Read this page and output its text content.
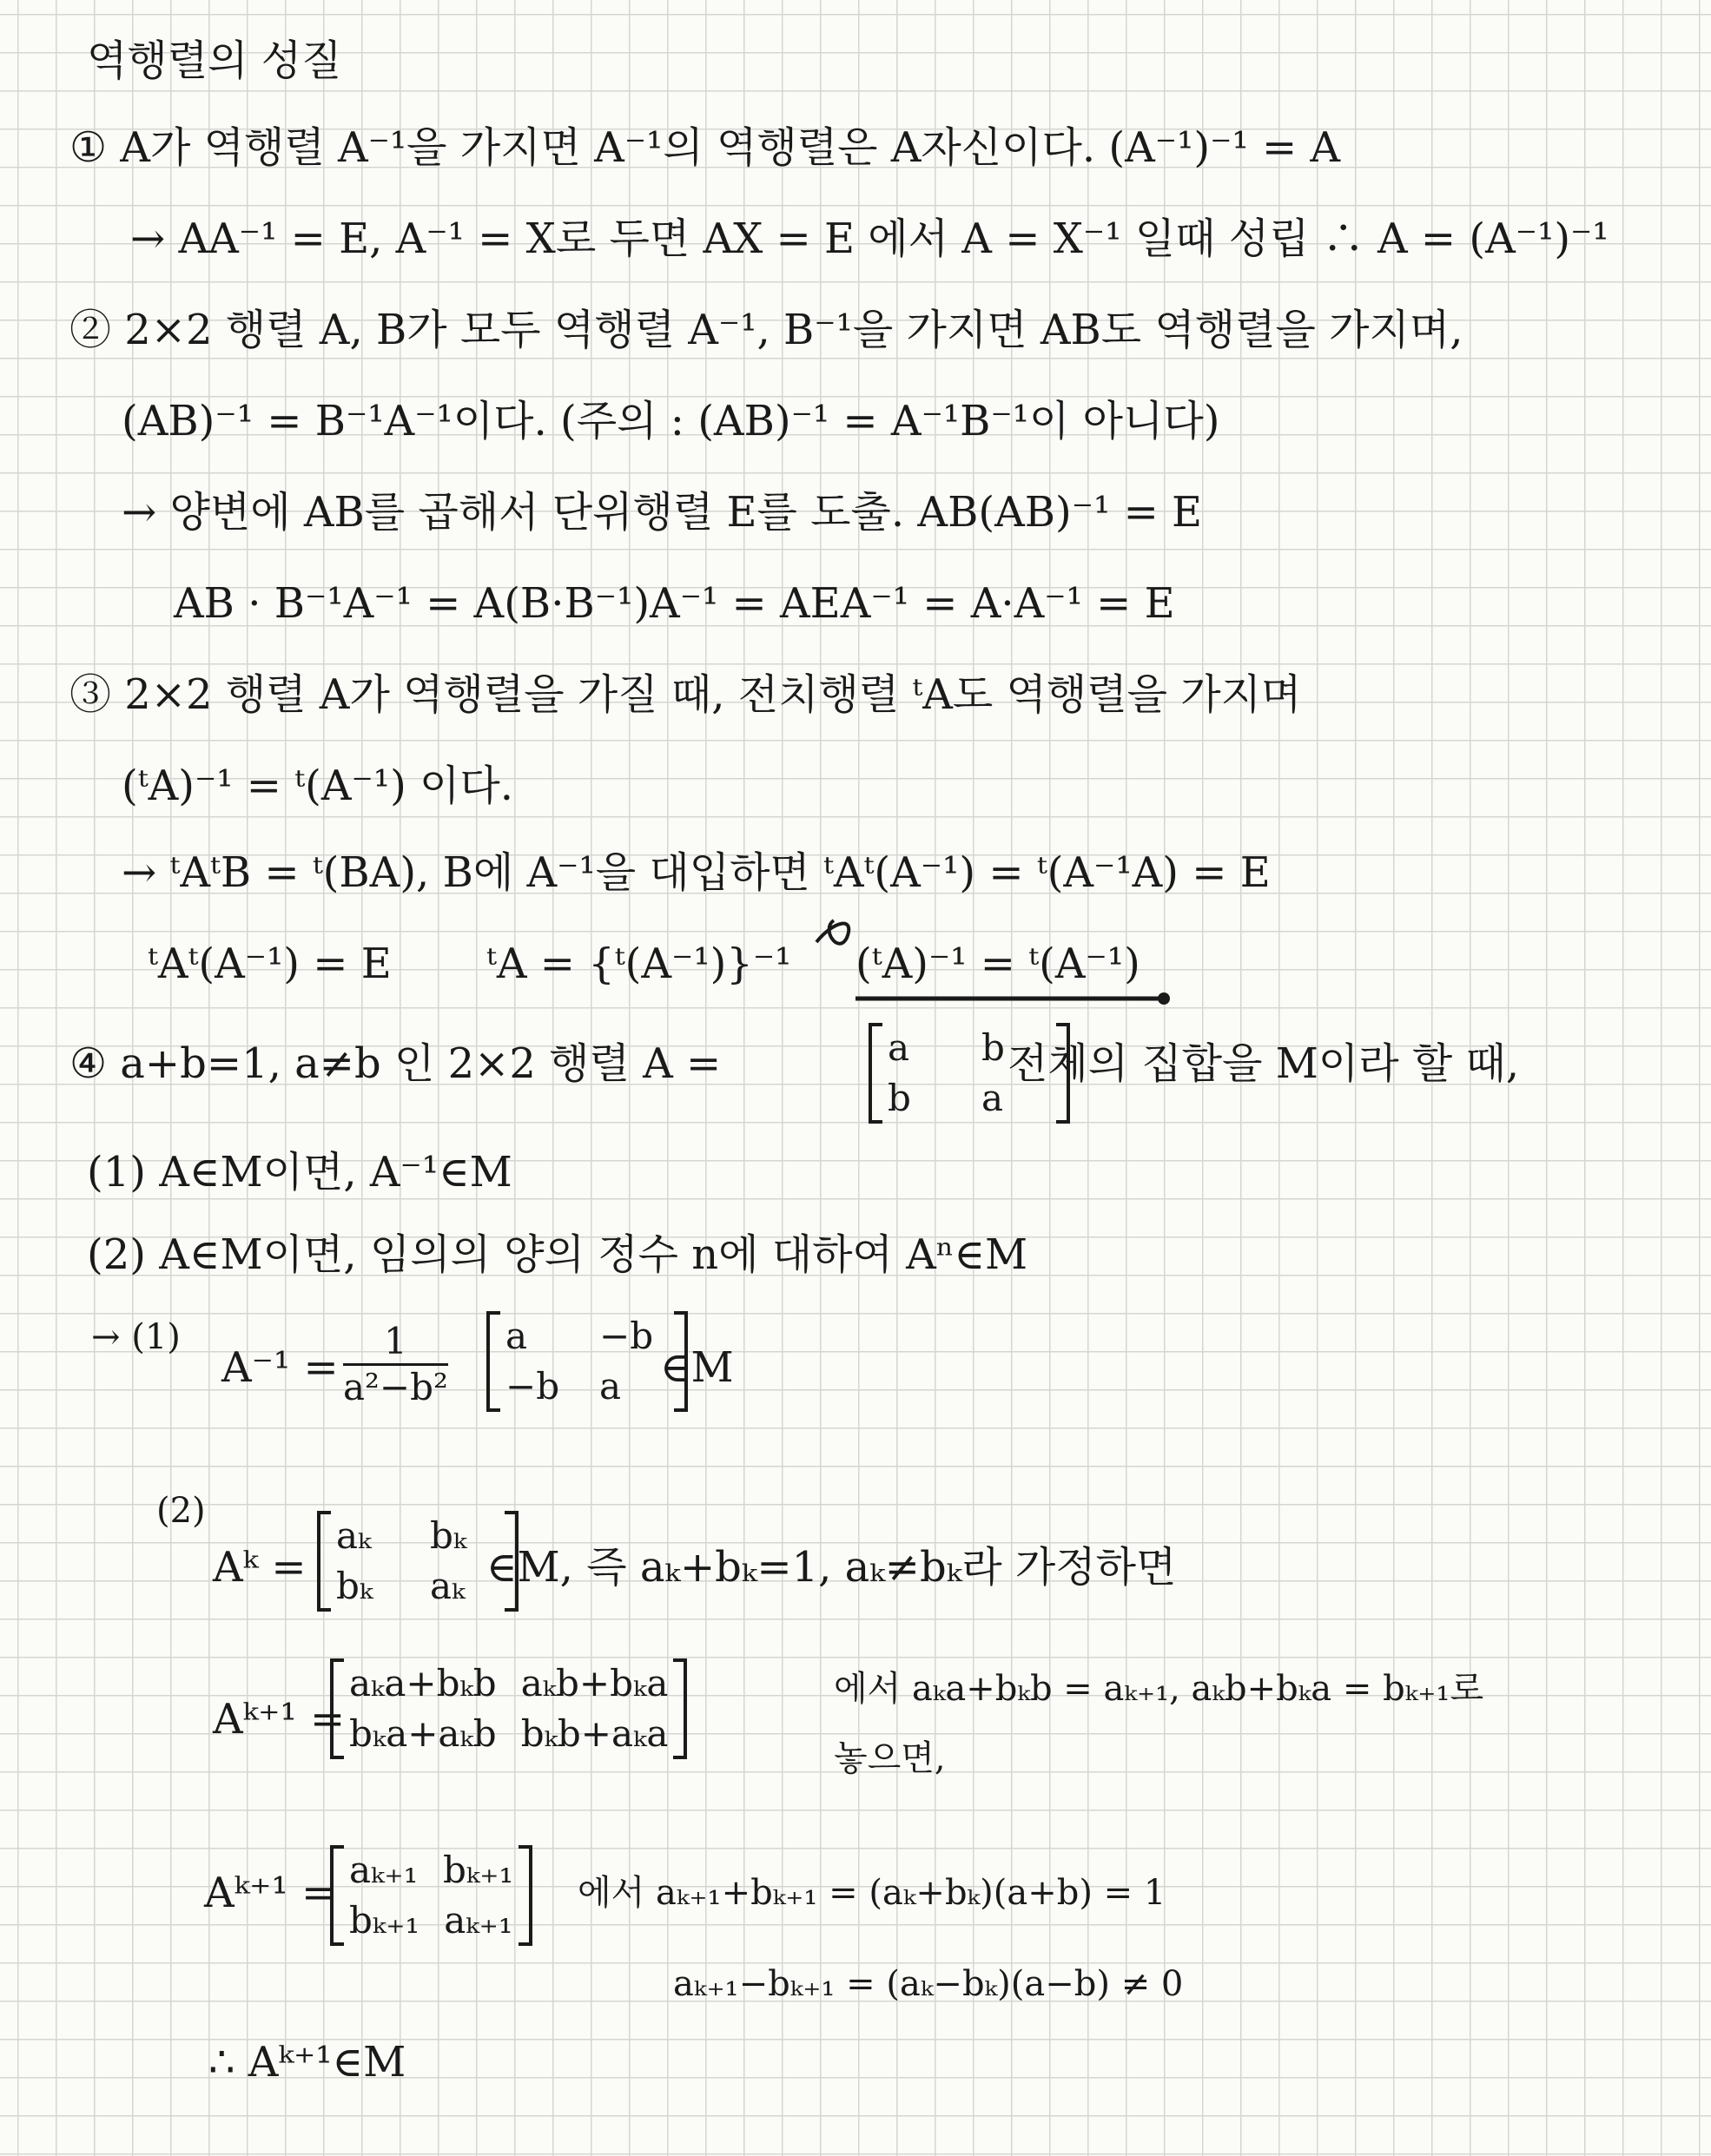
역행렬의 성질
① A가 역행렬 A⁻¹을 가지면 A⁻¹의 역행렬은 A자신이다. (A⁻¹)⁻¹ = A
→ AA⁻¹ = E, A⁻¹ = X로 두면 AX = E 에서 A = X⁻¹ 일때 성립 ∴ A = (A⁻¹)⁻¹
② 2×2 행렬 A, B가 모두 역행렬 A⁻¹, B⁻¹을 가지면 AB도 역행렬을 가지며,
(AB)⁻¹ = B⁻¹A⁻¹이다. (주의 : (AB)⁻¹ = A⁻¹B⁻¹이 아니다)
→ 양변에 AB를 곱해서 단위행렬 E를 도출. AB(AB)⁻¹ = E
AB · B⁻¹A⁻¹ = A(B·B⁻¹)A⁻¹ = AEA⁻¹ = A·A⁻¹ = E
③ 2×2 행렬 A가 역행렬을 가질 때, 전치행렬 ᵗA도 역행렬을 가지며
(ᵗA)⁻¹ = ᵗ(A⁻¹) 이다.
→ ᵗAᵗB = ᵗ(BA), B에 A⁻¹을 대입하면 ᵗAᵗ(A⁻¹) = ᵗ(A⁻¹A) = E
ᵗAᵗ(A⁻¹) = E ᵗA = {ᵗ(A⁻¹)}⁻¹ (ᵗA)⁻¹ = ᵗ(A⁻¹)
④ a+b=1, a≠b 인 2×2 행렬 A =	a	b
b	a
전체의 집합을 M이라 할 때,
(1) A∈M이면, A⁻¹∈M
(2) A∈M이면, 임의의 양의 정수 n에 대하여 Aⁿ∈M
→ (1)
$A^{-1} = \frac{1}{\text{a²−b²}}$ a	−b
−b	a ∈M
(2)
Aᵏ =
aₖ	bₖ
bₖ	aₖ ∈M, 즉 aₖ+bₖ=1, aₖ≠bₖ라 가정하면
Aᵏ⁺¹ =
aₖa+bₖb aₖb+bₖa
bₖa+aₖb bₖb+aₖa
에서 aₖa+bₖb = aₖ₊₁, aₖb+bₖa = bₖ₊₁로
놓으면,
Aᵏ⁺¹ = aₖ₊₁ bₖ₊₁
bₖ₊₁ aₖ₊₁
에서 aₖ₊₁+bₖ₊₁ = (aₖ+bₖ)(a+b) = 1
aₖ₊₁−bₖ₊₁ = (aₖ−bₖ)(a−b) ≠ 0
∴ Aᵏ⁺¹∈M
